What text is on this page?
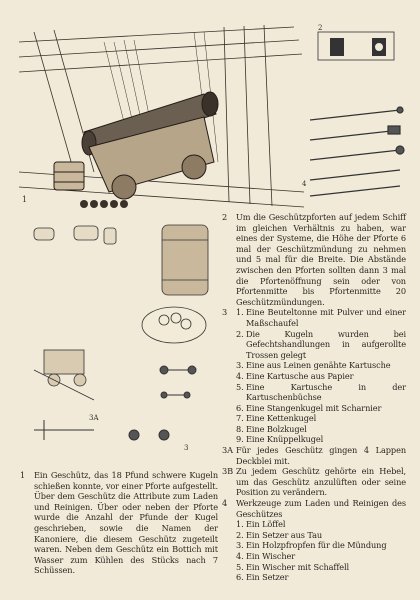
1
2
4
3A
3
2	Um die Geschützpforten auf jedem Schiff im gleichen Verhältnis zu haben, war eines der Systeme, die Höhe der Pforte 6 mal der Geschützmündung zu nehmen und 5 mal für die Breite. Die Abstände zwischen den Pforten sollten dann 3 mal die Pfortenöffnung sein oder von Pfortenmitte bis Pfortenmitte 20 Geschützmündungen.
3	1. Eine Beuteltonne mit Pulver und einer Maßschaufel
2. Die Kugeln wurden bei Gefechtshandlungen in aufgerollte Trossen gelegt
3. Eine aus Leinen genähte Kartusche
4. Eine Kartusche aus Papier
5. Eine Kartusche in der Kartuschenbüchse
6. Eine Stangenkugel mit Scharnier
7. Eine Kettenkugel
8. Eine Bolzkugel
9. Eine Knüppelkugel
3A Für jedes Geschütz gingen 4 Lappen Deckblei mit.
3B Zu jedem Geschütz gehörte ein Hebel, um das Geschütz anzulüften oder seine Position zu verändern.
4	Werkzeuge zum Laden und Reinigen des Geschützes
1. Ein Löffel
2. Ein Setzer aus Tau
3. Ein Holzpfropfen für die Mündung
4. Ein Wischer
5. Ein Wischer mit Schaffell
6. Ein Setzer
1	Ein Geschütz, das 18 Pfund schwere Kugeln schießen konnte, vor einer Pforte aufgestellt. Über dem Geschütz die Attribute zum Laden und Reinigen. Über oder neben der Pforte wurde die Anzahl der Pfunde der Kugel geschrieben, sowie die Namen der Kanoniere, die diesem Geschütz zugeteilt waren. Neben dem Geschütz ein Bottich mit Wasser zum Kühlen des Stücks nach 7 Schüssen.
